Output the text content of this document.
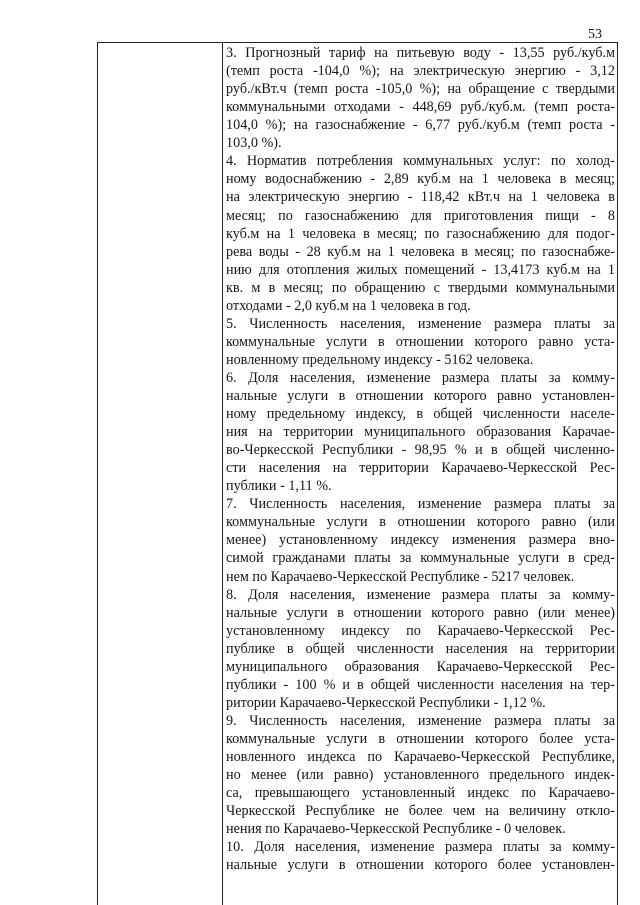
53
3. Прогнозный тариф на питьевую воду - 13,55 руб./куб.м
(темп роста -104,0 %); на электрическую энергию - 3,12
руб./кВт.ч (темп роста -105,0 %); на обращение с твердыми
коммунальными отходами - 448,69 руб./куб.м. (темп роста-
104,0 %); на газоснабжение - 6,77 руб./куб.м (темп роста -
103,0 %).
4. Норматив потребления коммунальных услуг: по холод-
ному водоснабжению - 2,89 куб.м на 1 человека в месяц;
на электрическую энергию - 118,42 кВт.ч на 1 человека в
месяц; по газоснабжению для приготовления пищи - 8
куб.м на 1 человека в месяц; по газоснабжению для подог-
рева воды - 28 куб.м на 1 человека в месяц; по газоснабже-
нию для отопления жилых помещений - 13,4173 куб.м на 1
кв. м в месяц; по обращению с твердыми коммунальными
отходами - 2,0 куб.м на 1 человека в год.
5. Численность населения, изменение размера платы за
коммунальные услуги в отношении которого равно уста-
новленному предельному индексу - 5162 человека.
6. Доля населения, изменение размера платы за комму-
нальные услуги в отношении которого равно установлен-
ному предельному индексу, в общей численности населе-
ния на территории муниципального образования Карачае-
во-Черкесской Республики - 98,95 % и в общей численно-
сти населения на территории Карачаево-Черкесской Рес-
публики - 1,11 %.
7. Численность населения, изменение размера платы за
коммунальные услуги в отношении которого равно (или
менее) установленному индексу изменения размера вно-
симой гражданами платы за коммунальные услуги в сред-
нем по Карачаево-Черкесской Республике - 5217 человек.
8. Доля населения, изменение размера платы за комму-
нальные услуги в отношении которого равно (или менее)
установленному индексу по Карачаево-Черкесской Рес-
публике в общей численности населения на территории
муниципального образования Карачаево-Черкесской Рес-
публики - 100 % и в общей численности населения на тер-
ритории Карачаево-Черкесской Республики - 1,12 %.
9. Численность населения, изменение размера платы за
коммунальные услуги в отношении которого более уста-
новленного индекса по Карачаево-Черкесской Республике,
но менее (или равно) установленного предельного индек-
са, превышающего установленный индекс по Карачаево-
Черкесской Республике не более чем на величину откло-
нения по Карачаево-Черкесской Республике - 0 человек.
10. Доля населения, изменение размера платы за комму-
нальные услуги в отношении которого более установлен-
